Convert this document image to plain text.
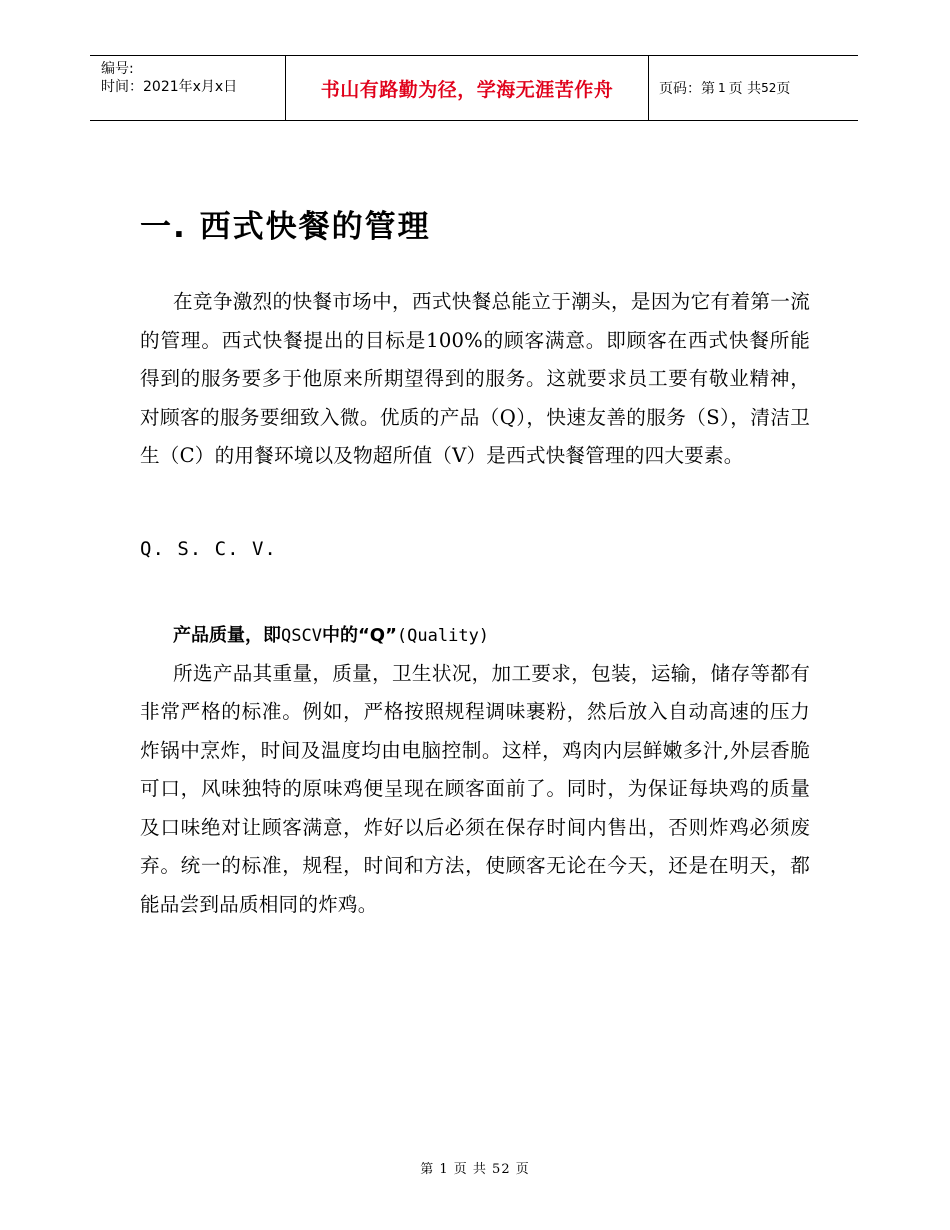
编号:
时间：2021年x月x日	书山有路勤为径，学海无涯苦作舟	页码：第 1 页 共 52 页
一. 西式快餐的管理

在竞争激烈的快餐市场中，西式快餐总能立于潮头，是因为它有着第一流的管理。西式快餐提出的目标是100%的顾客满意。即顾客在西式快餐所能得到的服务要多于他原来所期望得到的服务。这就要求员工要有敬业精神，对顾客的服务要细致入微。优质的产品（Q），快速友善的服务（S），清洁卫生（C）的用餐环境以及物超所值（V）是西式快餐管理的四大要素。

Q. S. C. V.
产品质量，即QSCV中的“Q”(Quality)

所选产品其重量，质量，卫生状况，加工要求，包装，运输，储存等都有非常严格的标准。例如，严格按照规程调味裹粉，然后放入自动高速的压力炸锅中烹炸，时间及温度均由电脑控制。这样，鸡肉内层鲜嫩多汁,外层香脆可口，风味独特的原味鸡便呈现在顾客面前了。同时，为保证每块鸡的质量及口味绝对让顾客满意，炸好以后必须在保存时间内售出，否则炸鸡必须废弃。统一的标准，规程，时间和方法，使顾客无论在今天，还是在明天，都能品尝到品质相同的炸鸡。

第 1 页 共 52 页
